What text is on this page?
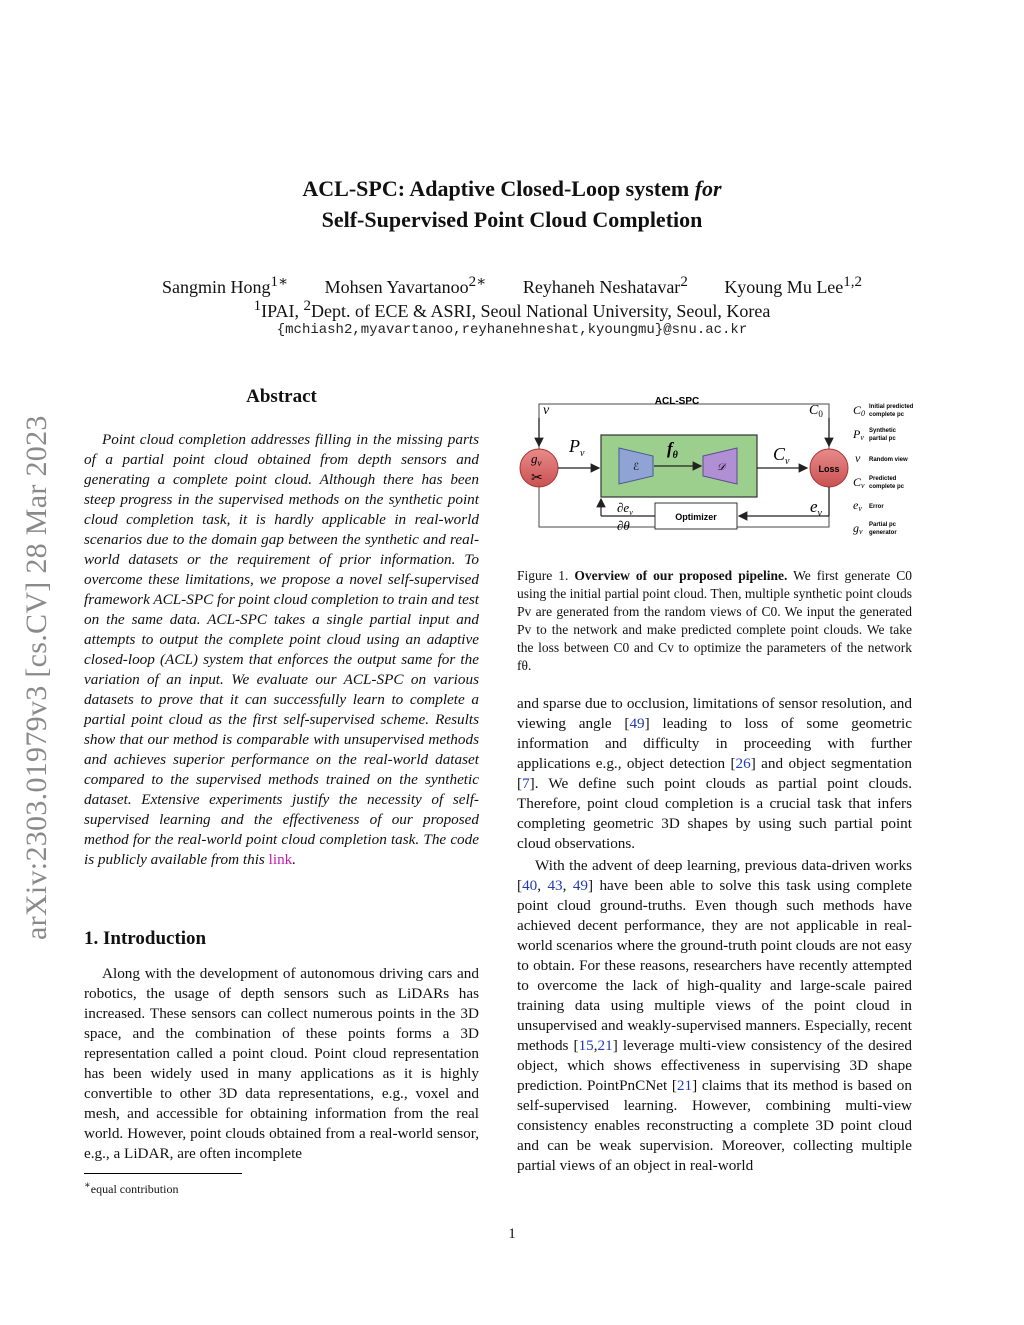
ACL-SPC: Adaptive Closed-Loop system for
Self-Supervised Point Cloud Completion
Sangmin Hong$^{1∗}$ Mohsen Yavartanoo$^{2∗}$ Reyhaneh Neshatavar$^2$ Kyoung Mu Lee$^{1,2}$
$^1$IPAI, $^2$Dept. of ECE & ASRI, Seoul National University, Seoul, Korea
{mchiash2,myavartanoo,reyhanehneshat,kyoungmu}@snu.ac.kr
arXiv:2303.01979v3 [cs.CV] 28 Mar 2023
Abstract
Point cloud completion addresses filling in the missing parts of a partial point cloud obtained from depth sensors and generating a complete point cloud. Although there has been steep progress in the supervised methods on the synthetic point cloud completion task, it is hardly applicable in real-world scenarios due to the domain gap between the synthetic and real-world datasets or the requirement of prior information. To overcome these limitations, we propose a novel self-supervised framework ACL-SPC for point cloud completion to train and test on the same data. ACL-SPC takes a single partial input and attempts to output the complete point cloud using an adaptive closed-loop (ACL) system that enforces the output same for the variation of an input. We evaluate our ACL-SPC on various datasets to prove that it can successfully learn to complete a partial point cloud as the first self-supervised scheme. Results show that our method is comparable with unsupervised methods and achieves superior performance on the real-world dataset compared to the supervised methods trained on the synthetic dataset. Extensive experiments justify the necessity of self-supervised learning and the effectiveness of our proposed method for the real-world point cloud completion task. The code is publicly available from this link.
1. Introduction
Along with the development of autonomous driving cars and robotics, the usage of depth sensors such as LiDARs has increased. These sensors can collect numerous points in the 3D space, and the combination of these points forms a 3D representation called a point cloud. Point cloud representation has been widely used in many applications as it is highly convertible to other 3D data representations, e.g., voxel and mesh, and accessible for obtaining information from the real world. However, point clouds obtained from a real-world sensor, e.g., a LiDAR, are often incomplete
∗equal contribution
ACL-SPC
v	$C_0$
$g_v$
✂
$P_v$	$f_\theta$
ℰ	𝒟
$C_v$
Loss
$e_v$
Optimizer
$\partial e_v$
∂θ
C0
Initial predicted
complete pc
Pv
Synthetic
partial pc
v Random view
Cv
Predicted
complete pc
ev Error
gv
Partial pc
generator
Figure 1. Overview of our proposed pipeline. We first generate C0 using the initial partial point cloud. Then, multiple synthetic point clouds Pv are generated from the random views of C0. We input the generated Pv to the network and make predicted complete point clouds. We take the loss between C0 and Cv to optimize the parameters of the network fθ.
and sparse due to occlusion, limitations of sensor resolution, and viewing angle [49] leading to loss of some geometric information and difficulty in proceeding with further applications e.g., object detection [26] and object segmentation [7]. We define such point clouds as partial point clouds. Therefore, point cloud completion is a crucial task that infers completing geometric 3D shapes by using such partial point cloud observations.
With the advent of deep learning, previous data-driven works [40, 43, 49] have been able to solve this task using complete point cloud ground-truths. Even though such methods have achieved decent performance, they are not applicable in real-world scenarios where the ground-truth point clouds are not easy to obtain. For these reasons, researchers have recently attempted to overcome the lack of high-quality and large-scale paired training data using multiple views of the point cloud in unsupervised and weakly-supervised manners. Especially, recent methods [15,21] leverage multi-view consistency of the desired object, which shows effectiveness in supervising 3D shape prediction. PointPnCNet [21] claims that its method is based on self-supervised learning. However, combining multi-view consistency enables reconstructing a complete 3D point cloud and can be weak supervision. Moreover, collecting multiple partial views of an object in real-world
1
